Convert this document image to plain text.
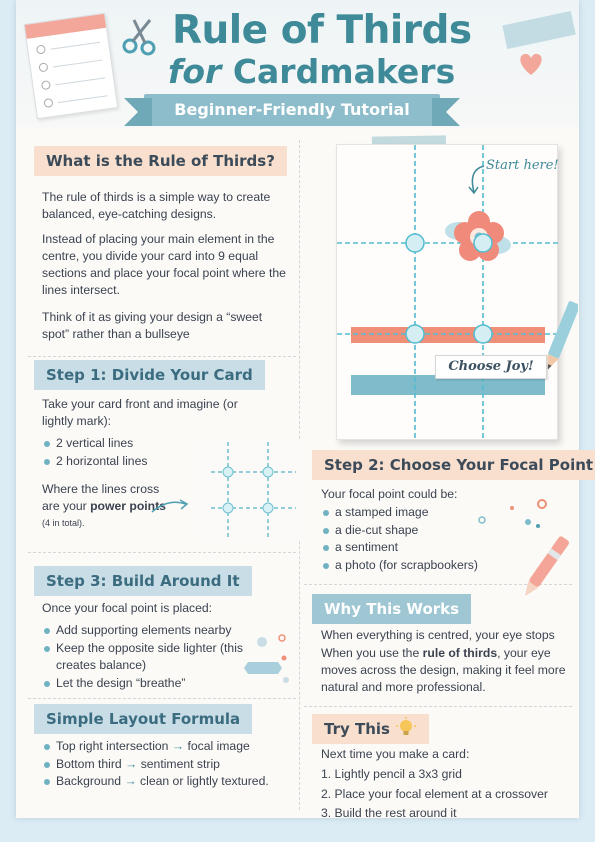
Rule of Thirds
for Cardmakers
Beginner-Friendly Tutorial
What is the Rule of Thirds?
The rule of thirds is a simple way to create balanced, eye-catching designs.
Instead of placing your main element in the centre, you divide your card into 9 equal sections and place your focal point where the lines intersect.
Think of it as giving your design a “sweet spot” rather than a bullseye
Step 1: Divide Your Card
Take your card front and imagine (or lightly mark):
2 vertical lines
2 horizontal lines
Where the lines cross are your power points (4 in total).
Choose Joy!
Start here!
Step 2: Choose Your Focal Point
Your focal point could be:
a stamped image
a die-cut shape
a sentiment
a photo (for scrapbookers)
Step 3: Build Around It
Once your focal point is placed:
Add supporting elements nearby
Keep the opposite side lighter (this creates balance)
Let the design “breathe”
Why This Works
When everything is centred, your eye stops
When you use the rule of thirds, your eye moves across the design, making it feel more natural and more professional.
Simple Layout Formula
Top right intersection → focal image
Bottom third → sentiment strip
Background → clean or lightly textured.
Try This
Next time you make a card:
1. Lightly pencil a 3x3 grid
2. Place your focal element at a crossover
3. Build the rest around it
